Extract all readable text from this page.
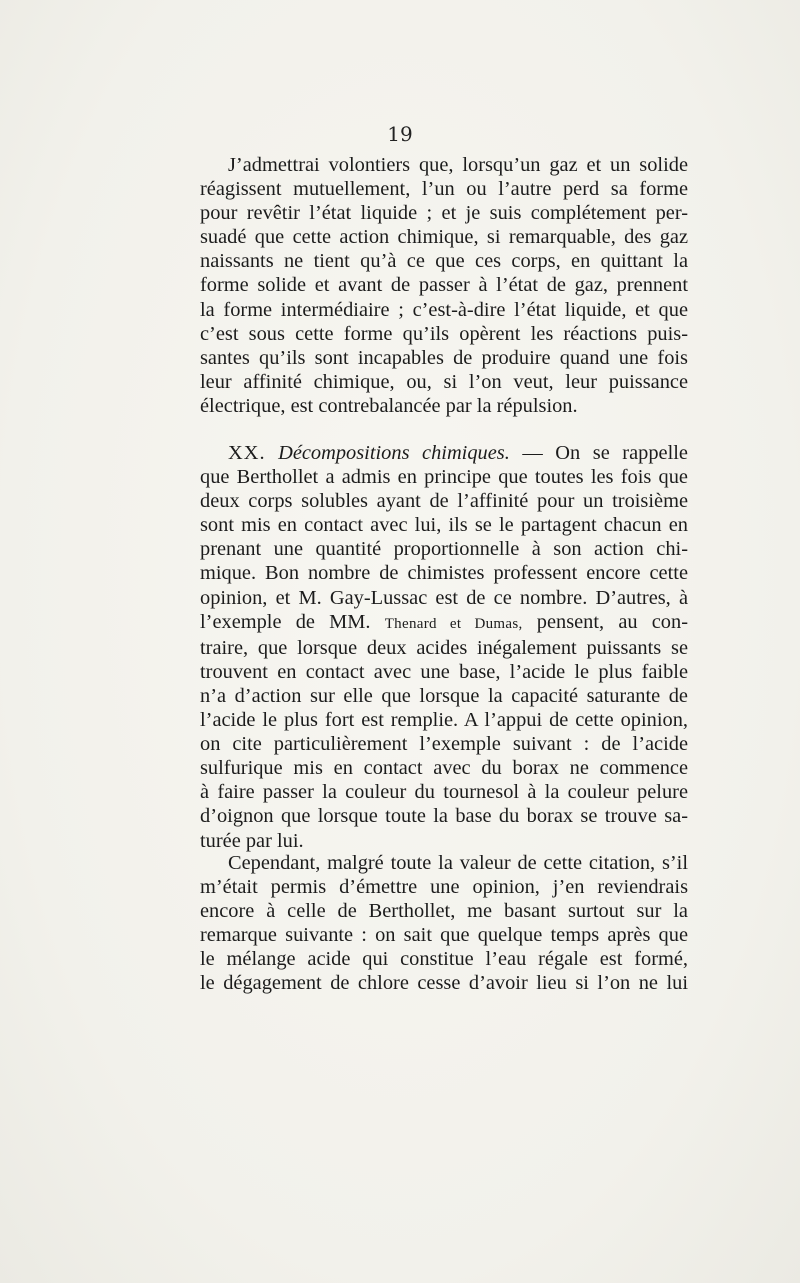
19
J’admettrai volontiers que, lorsqu’un gaz et un solide
réagissent mutuellement, l’un ou l’autre perd sa forme
pour revêtir l’état liquide ; et je suis complétement per-
suadé que cette action chimique, si remarquable, des gaz
naissants ne tient qu’à ce que ces corps, en quittant la
forme solide et avant de passer à l’état de gaz, prennent
la forme intermédiaire ; c’est-à-dire l’état liquide, et que
c’est sous cette forme qu’ils opèrent les réactions puis-
santes qu’ils sont incapables de produire quand une fois
leur affinité chimique, ou, si l’on veut, leur puissance
électrique, est contrebalancée par la répulsion.
XX. Décompositions chimiques. — On se rappelle
que Berthollet a admis en principe que toutes les fois que
deux corps solubles ayant de l’affinité pour un troisième
sont mis en contact avec lui, ils se le partagent chacun en
prenant une quantité proportionnelle à son action chi-
mique. Bon nombre de chimistes professent encore cette
opinion, et M. Gay-Lussac est de ce nombre. D’autres, à
l’exemple de MM. Thenard et Dumas, pensent, au con-
traire, que lorsque deux acides inégalement puissants se
trouvent en contact avec une base, l’acide le plus faible
n’a d’action sur elle que lorsque la capacité saturante de
l’acide le plus fort est remplie. A l’appui de cette opinion,
on cite particulièrement l’exemple suivant : de l’acide
sulfurique mis en contact avec du borax ne commence
à faire passer la couleur du tournesol à la couleur pelure
d’oignon que lorsque toute la base du borax se trouve sa-
turée par lui.
Cependant, malgré toute la valeur de cette citation, s’il
m’était permis d’émettre une opinion, j’en reviendrais
encore à celle de Berthollet, me basant surtout sur la
remarque suivante : on sait que quelque temps après que
le mélange acide qui constitue l’eau régale est formé,
le dégagement de chlore cesse d’avoir lieu si l’on ne lui
